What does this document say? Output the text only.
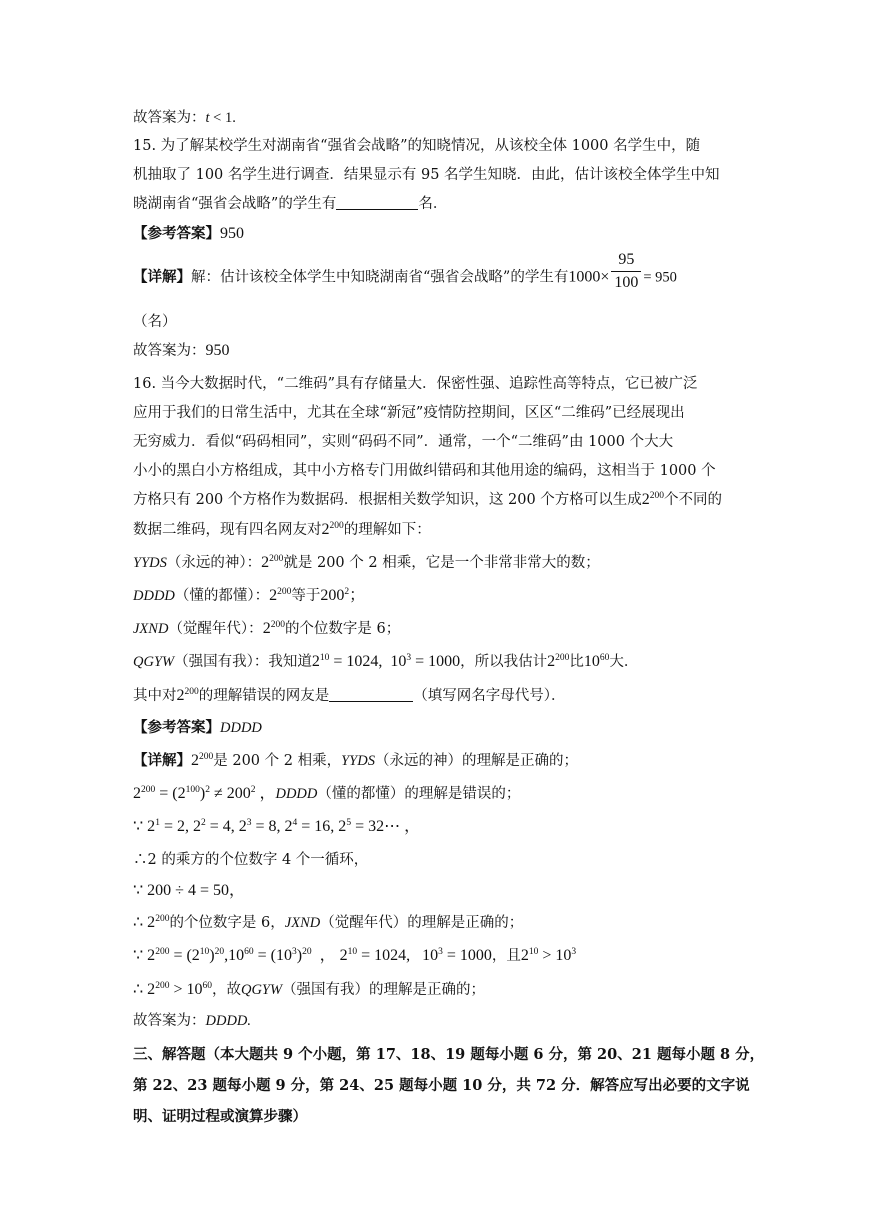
故答案为：t < 1.
15. 为了解某校学生对湖南省“强省会战略”的知晓情况，从该校全体 1000 名学生中，随
机抽取了 100 名学生进行调查．结果显示有 95 名学生知晓．由此，估计该校全体学生中知
晓湖南省“强省会战略”的学生有	名．
【参考答案】950
【详解】解：估计该校全体学生中知晓湖南省“强省会战略”的学生有$1000\times \frac{95}{100} = 950$
（名）
故答案为：950
16. 当今大数据时代，“二维码”具有存储量大．保密性强、追踪性高等特点，它已被广泛
应用于我们的日常生活中，尤其在全球“新冠”疫情防控期间，区区“二维码”已经展现出
无穷威力．看似“码码相同”，实则“码码不同”．通常，一个“二维码”由 1000 个大大
小小的黑白小方格组成，其中小方格专门用做纠错码和其他用途的编码，这相当于 1000 个
方格只有 200 个方格作为数据码．根据相关数学知识，这 200 个方格可以生成$2^{200}$个不同的
数据二维码，现有四名网友对$2^{200}$的理解如下：
YYDS（永远的神）：$2^{200}$就是 200 个 2 相乘，它是一个非常非常大的数；
DDDD（懂的都懂）：$2^{200}$等于$200^2$；
JXND（觉醒年代）：$2^{200}$的个位数字是 6；
QGYW（强国有我）：我知道$2^{10} = 1024$,  $10^3 = 1000$，所以我估计$2^{200}$比$10^{60}$大．
其中对$2^{200}$的理解错误的网友是	（填写网名字母代号）．
【参考答案】DDDD
【详解】$2^{200}$是 200 个 2 相乘，YYDS（永远的神）的理解是正确的；
$2^{200} = (2^{100})^2 \ne 200^2$ ，DDDD（懂的都懂）的理解是错误的；
∵ $2^1 = 2$, $2^2 = 4$, $2^3 = 8$, $2^4 = 16$, $2^5$ = 32⋯ ，
∴2 的乘方的个位数字 4 个一循环，
∵ 200 ÷ 4 = 50，
∴ $2^{200}$的个位数字是 6，JXND（觉醒年代）的理解是正确的；
∵ $2^{200} = (2^{10})^{20},10^{60} = (10^3)^{20}$  ， $2^{10} = 1024$,   $10^3 = 1000$，且$2^{10} > 10^3$
∴ $2^{200} > 10^{60}$，故QGYW（强国有我）的理解是正确的；
故答案为：DDDD.
三、解答题（本大题共 9 个小题，第 17、18、19 题每小题 6 分，第 20、21 题每小题 8 分，
第 22、23 题每小题 9 分，第 24、25 题每小题 10 分，共 72 分．解答应写出必要的文字说
明、证明过程或演算步骤）
